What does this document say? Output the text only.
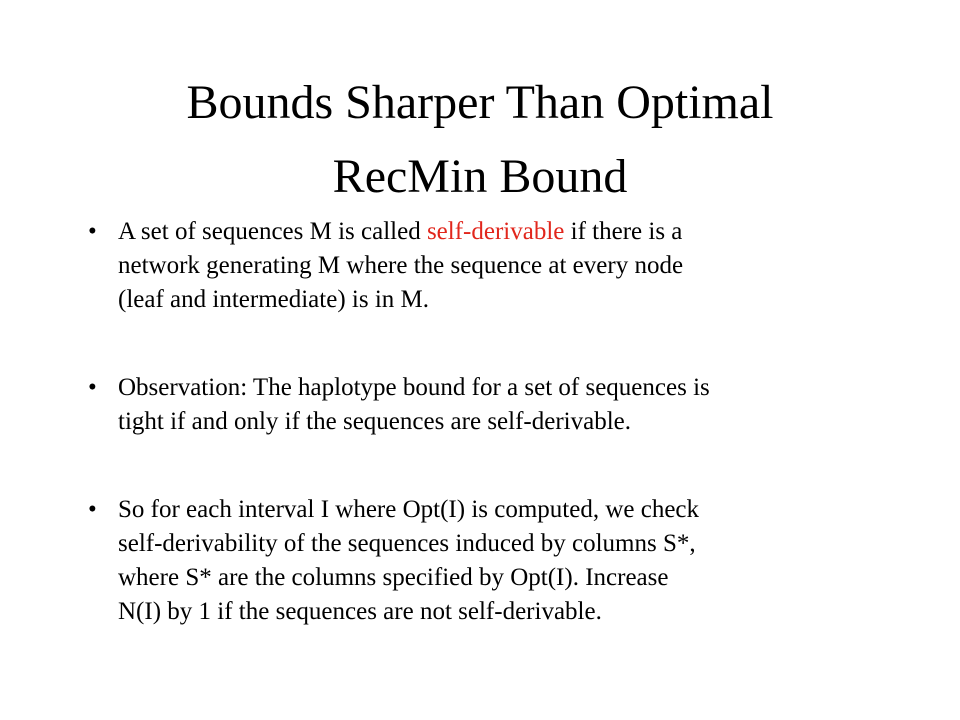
Bounds Sharper Than Optimal
RecMin Bound
• A set of sequences M is called self-derivable if there is a
network generating M where the sequence at every node
(leaf and intermediate) is in M.
• Observation: The haplotype bound for a set of sequences is
tight if and only if the sequences are self-derivable.
• So for each interval I where Opt(I) is computed, we check
self-derivability of the sequences induced by columns S*,
where S* are the columns specified by Opt(I). Increase
N(I) by 1 if the sequences are not self-derivable.
